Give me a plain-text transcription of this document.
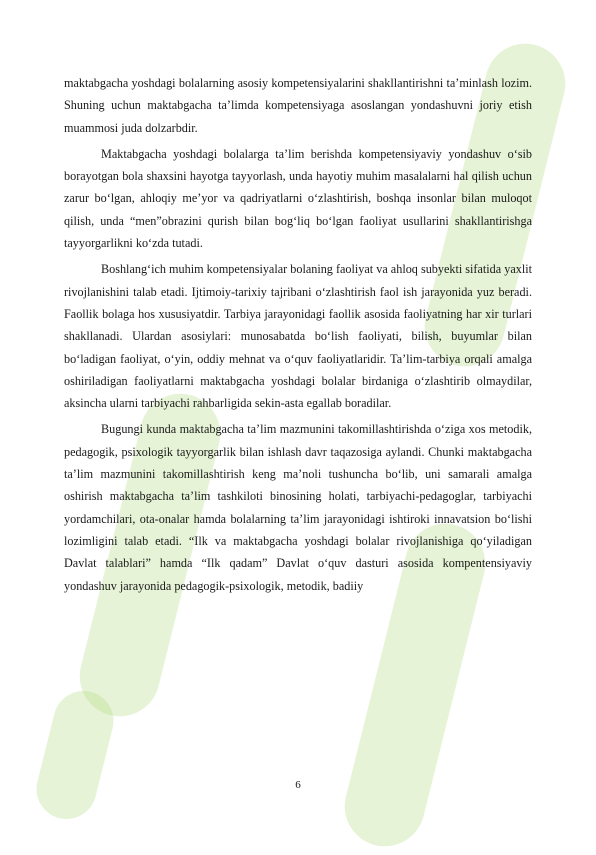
maktabgacha yoshdagi bolalarning asosiy kompetensiyalarini shakllantirishni ta’minlash lozim. Shuning uchun maktabgacha ta’limda kompetensiyaga asoslangan yondashuvni joriy etish muammosi juda dolzarbdir.

Maktabgacha yoshdagi bolalarga ta’lim berishda kompetensiyaviy yondashuv o‘sib borayotgan bola shaxsini hayotga tayyorlash, unda hayotiy muhim masalalarni hal qilish uchun zarur bo‘lgan, ahloqiy me’yor va qadriyatlarni o‘zlashtirish, boshqa insonlar bilan muloqot qilish, unda “men”obrazini qurish bilan bog‘liq bo‘lgan faoliyat usullarini shakllantirishga tayyorgarlikni ko‘zda tutadi.

Boshlang‘ich muhim kompetensiyalar bolaning faoliyat va ahloq subyekti sifatida yaxlit rivojlanishini talab etadi. Ijtimoiy-tarixiy tajribani o‘zlashtirish faol ish jarayonida yuz beradi. Faollik bolaga hos xususiyatdir. Tarbiya jarayonidagi faollik asosida faoliyatning har xir turlari shakllanadi. Ulardan asosiylari: munosabatda bo‘lish faoliyati, bilish, buyumlar bilan bo‘ladigan faoliyat, o‘yin, oddiy mehnat va o‘quv faoliyatlaridir. Ta’lim-tarbiya orqali amalga oshiriladigan faoliyatlarni maktabgacha yoshdagi bolalar birdaniga o‘zlashtirib olmaydilar, aksincha ularni tarbiyachi rahbarligida sekin-asta egallab boradilar.

Bugungi kunda maktabgacha ta’lim mazmunini takomillashtirishda o‘ziga xos metodik, pedagogik, psixologik tayyorgarlik bilan ishlash davr taqazosiga aylandi. Chunki maktabgacha ta’lim mazmunini takomillashtirish keng ma’noli tushuncha bo‘lib, uni samarali amalga oshirish maktabgacha ta’lim tashkiloti binosining holati, tarbiyachi-pedagoglar, tarbiyachi yordamchilari, ota-onalar hamda bolalarning ta’lim jarayonidagi ishtiroki innavatsion bo‘lishi lozimligini talab etadi. “Ilk va maktabgacha yoshdagi bolalar rivojlanishiga qo‘yiladigan Davlat talablari” hamda “Ilk qadam” Davlat o‘quv dasturi asosida kompentensiyaviy yondashuv jarayonida pedagogik-psixologik, metodik, badiiy

6
